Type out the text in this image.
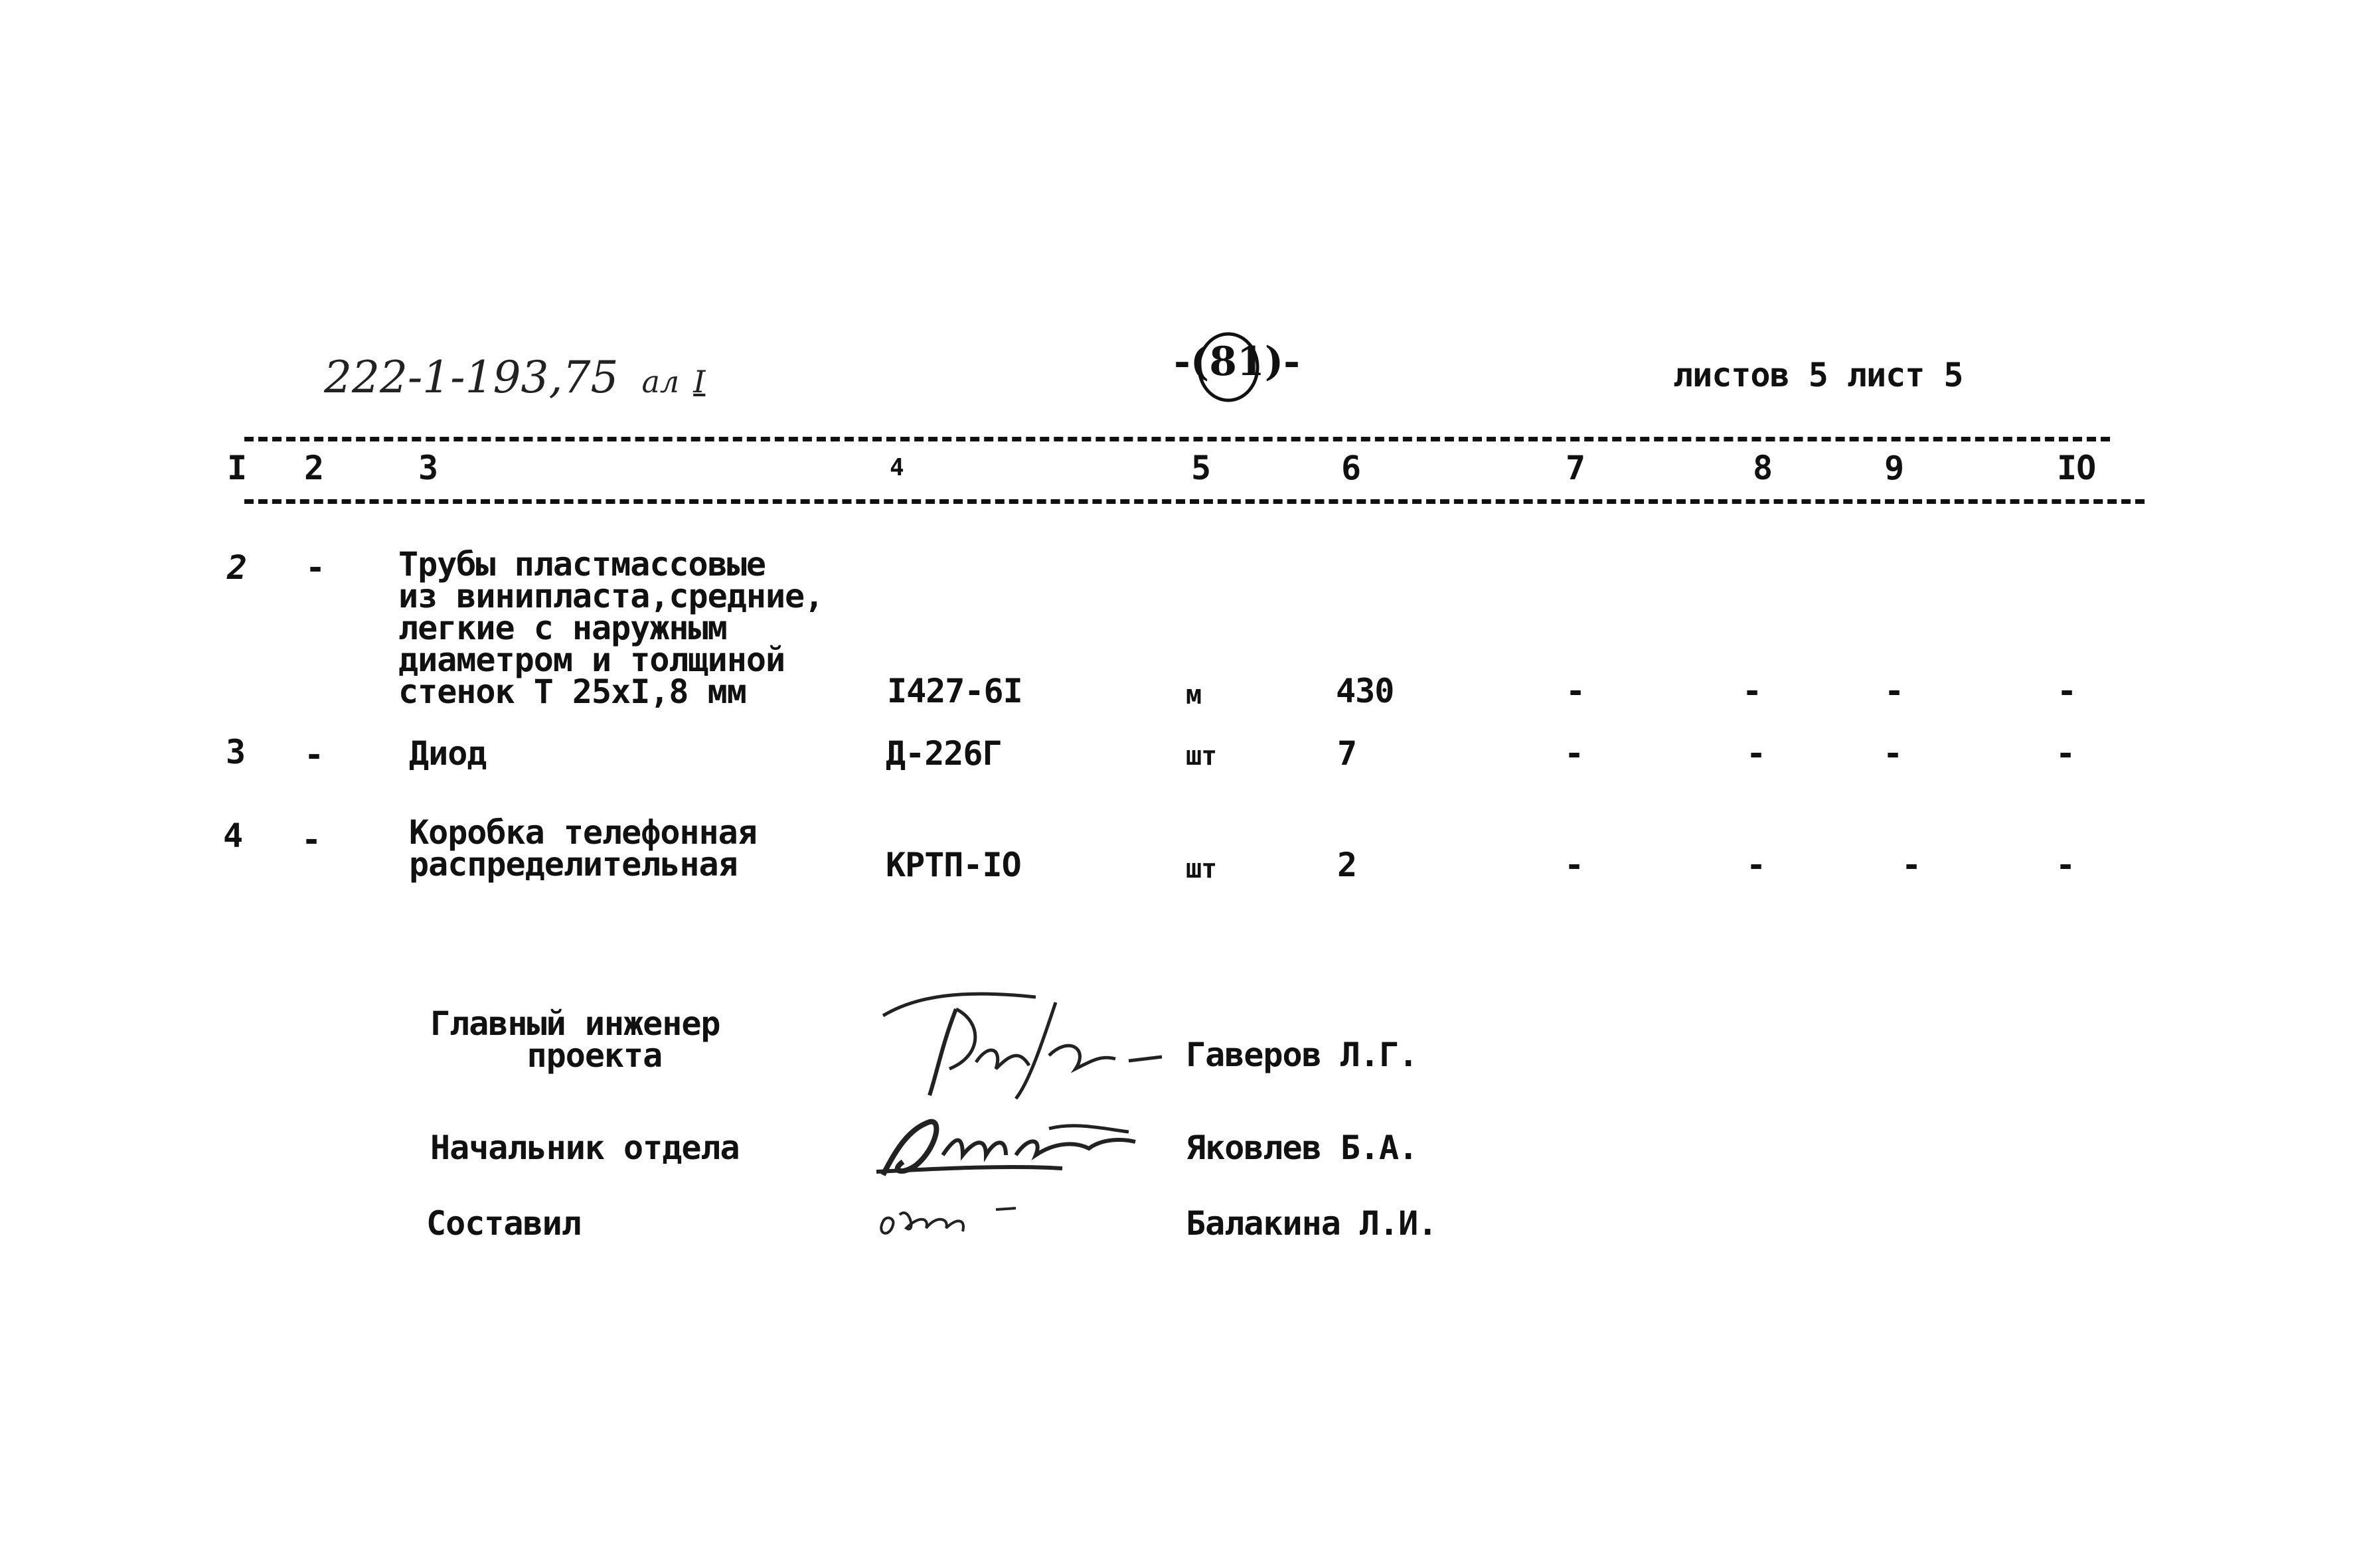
222-1-193,75 ал I	-(81)-	листов 5 лист 5
I 2	3	4	5	6	7	8	9	IO
2 - Трубы пластмассовые
из винипласта,средние,
легкие с наружным
диаметром и толщиной
стенок Т 25хI,8 мм	I427-6I	м	430	-	-	-	-
3 -	Диод	Д-226Г	шт	7	-	-	-	-
4 -	Коробка телефонная
распределительная	КРТП-IO	шт	2	-	-	-	-
Главный инженер
проекта	Гаверов Л.Г.
Начальник отдела	Яковлев Б.А.
Составил	Балакина Л.И.
